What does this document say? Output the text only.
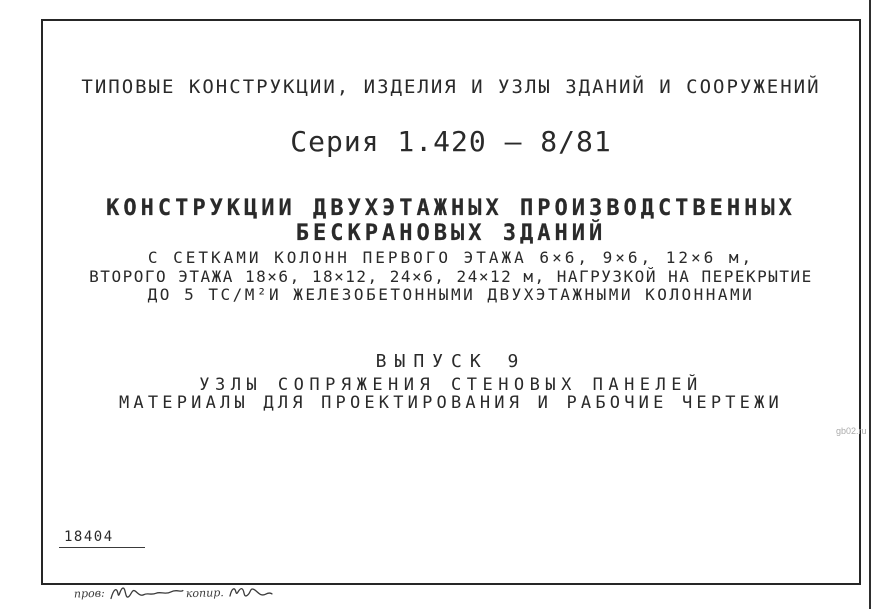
ТИПОВЫЕ КОНСТРУКЦИИ, ИЗДЕЛИЯ И УЗЛЫ ЗДАНИЙ И СООРУЖЕНИЙ
Серия 1.420 – 8/81
КОНСТРУКЦИИ ДВУХЭТАЖНЫХ ПРОИЗВОДСТВЕННЫХ
БЕСКРАНОВЫХ ЗДАНИЙ
С СЕТКАМИ КОЛОНН ПЕРВОГО ЭТАЖА 6×6, 9×6, 12×6 м,
ВТОРОГО ЭТАЖА 18×6, 18×12, 24×6, 24×12 м, НАГРУЗКОЙ НА ПЕРЕКРЫТИЕ
ДО 5 ТС/М²И ЖЕЛЕЗОБЕТОННЫМИ ДВУХЭТАЖНЫМИ КОЛОННАМИ
ВЫПУСК 9
УЗЛЫ СОПРЯЖЕНИЯ СТЕНОВЫХ ПАНЕЛЕЙ
МАТЕРИАЛЫ ДЛЯ ПРОЕКТИРОВАНИЯ И РАБОЧИЕ ЧЕРТЕЖИ
18404
пров:	копир.
gb02.ru
